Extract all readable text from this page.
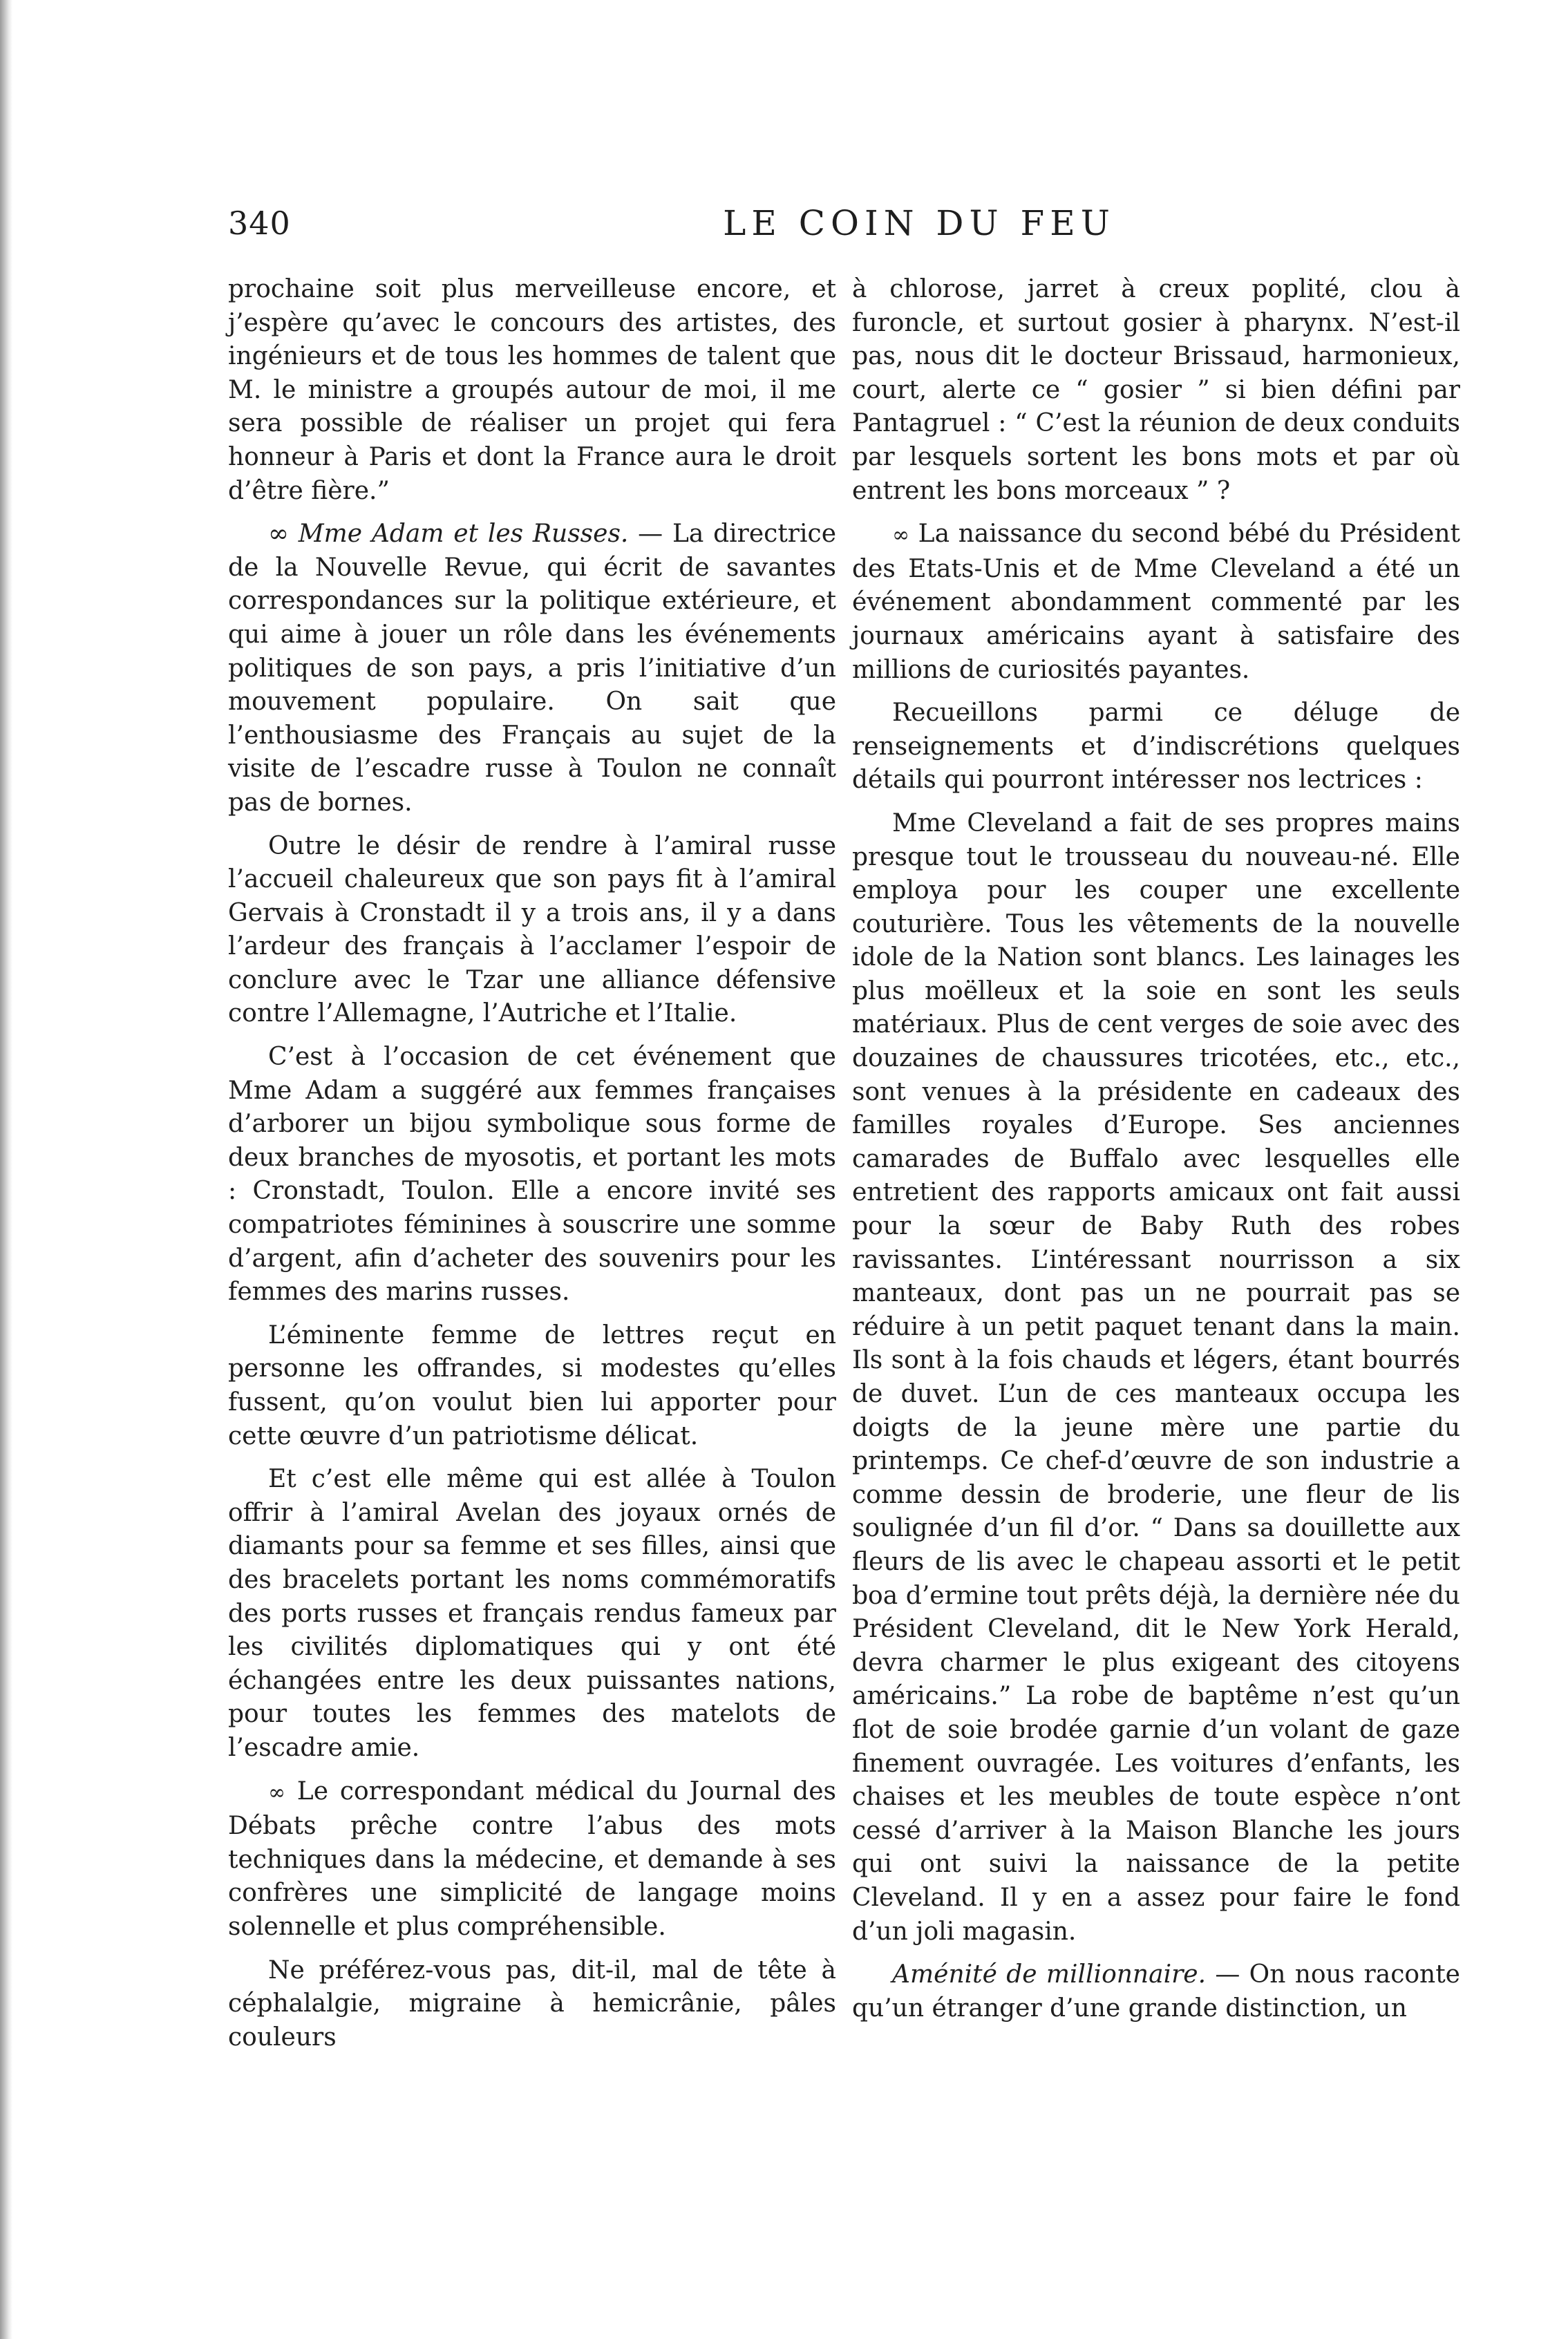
340	LE COIN DU FEU

prochaine soit plus merveilleuse encore, et j’espère qu’avec le concours des artistes, des ingénieurs et de tous les hommes de talent que M. le ministre a groupés autour de moi, il me sera possible de réaliser un projet qui fera honneur à Paris et dont la France aura le droit d’être fière.”

∞ Mme Adam et les Russes. — La directrice de la Nouvelle Revue, qui écrit de savantes correspondances sur la politique extérieure, et qui aime à jouer un rôle dans les événements politiques de son pays, a pris l’initiative d’un mouvement populaire. On sait que l’enthousiasme des Français au sujet de la visite de l’escadre russe à Toulon ne connaît pas de bornes.

Outre le désir de rendre à l’amiral russe l’accueil chaleureux que son pays fit à l’amiral Gervais à Cronstadt il y a trois ans, il y a dans l’ardeur des français à l’acclamer l’espoir de conclure avec le Tzar une alliance défensive contre l’Allemagne, l’Autriche et l’Italie.

C’est à l’occasion de cet événement que Mme Adam a suggéré aux femmes françaises d’arborer un bijou symbolique sous forme de deux branches de myosotis, et portant les mots : Cronstadt, Toulon. Elle a encore invité ses compatriotes féminines à souscrire une somme d’argent, afin d’acheter des souvenirs pour les femmes des marins russes.

L’éminente femme de lettres reçut en personne les offrandes, si modestes qu’elles fussent, qu’on voulut bien lui apporter pour cette œuvre d’un patriotisme délicat.

Et c’est elle même qui est allée à Toulon offrir à l’amiral Avelan des joyaux ornés de diamants pour sa femme et ses filles, ainsi que des bracelets portant les noms commémoratifs des ports russes et français rendus fameux par les civilités diplomatiques qui y ont été échangées entre les deux puissantes nations, pour toutes les femmes des matelots de l’escadre amie.

∞ Le correspondant médical du Journal des Débats prêche contre l’abus des mots techniques dans la médecine, et demande à ses confrères une simplicité de langage moins solennelle et plus compréhensible.

Ne préférez-vous pas, dit-il, mal de tête à céphalalgie, migraine à hemicrânie, pâles couleurs

à chlorose, jarret à creux poplité, clou à furoncle, et surtout gosier à pharynx. N’est-il pas, nous dit le docteur Brissaud, harmonieux, court, alerte ce “ gosier ” si bien défini par Pantagruel : “ C’est la réunion de deux conduits par lesquels sortent les bons mots et par où entrent les bons morceaux ” ?

∞ La naissance du second bébé du Président des Etats-Unis et de Mme Cleveland a été un événement abondamment commenté par les journaux américains ayant à satisfaire des millions de curiosités payantes.

Recueillons parmi ce déluge de renseignements et d’indiscrétions quelques détails qui pourront intéresser nos lectrices :

Mme Cleveland a fait de ses propres mains presque tout le trousseau du nouveau-né. Elle employa pour les couper une excellente couturière. Tous les vêtements de la nouvelle idole de la Nation sont blancs. Les lainages les plus moëlleux et la soie en sont les seuls matériaux. Plus de cent verges de soie avec des douzaines de chaussures tricotées, etc., etc., sont venues à la présidente en cadeaux des familles royales d’Europe. Ses anciennes camarades de Buffalo avec lesquelles elle entretient des rapports amicaux ont fait aussi pour la sœur de Baby Ruth des robes ravissantes. L’intéressant nourrisson a six manteaux, dont pas un ne pourrait pas se réduire à un petit paquet tenant dans la main. Ils sont à la fois chauds et légers, étant bourrés de duvet. L’un de ces manteaux occupa les doigts de la jeune mère une partie du printemps. Ce chef-d’œuvre de son industrie a comme dessin de broderie, une fleur de lis soulignée d’un fil d’or. “ Dans sa douillette aux fleurs de lis avec le chapeau assorti et le petit boa d’ermine tout prêts déjà, la dernière née du Président Cleveland, dit le New York Herald, devra charmer le plus exigeant des citoyens américains.” La robe de baptême n’est qu’un flot de soie brodée garnie d’un volant de gaze finement ouvragée. Les voitures d’enfants, les chaises et les meubles de toute espèce n’ont cessé d’arriver à la Maison Blanche les jours qui ont suivi la naissance de la petite Cleveland. Il y en a assez pour faire le fond d’un joli magasin.

Aménité de millionnaire. — On nous raconte qu’un étranger d’une grande distinction, un
